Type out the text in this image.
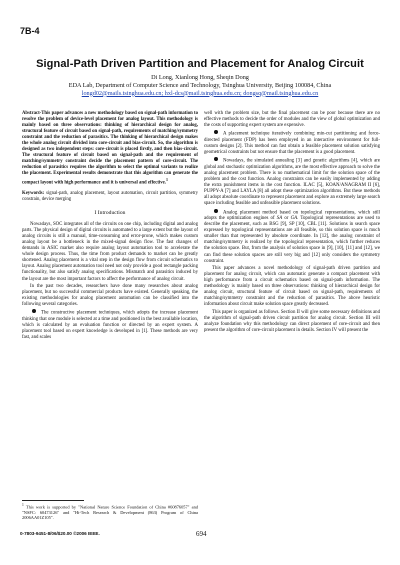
7B-4
Signal-Path Driven Partition and Placement for Analog Circuit
Di Long, Xianlong Hong, Sheqin Dong
EDA Lab, Department of Computer Science and Technology, Tsinghua University, Beijing 100084, China
longd02@mails.tsinghua.edu.cn; hxl-dcs@mail.tsinghua.edu.cn; dongsq@mail.tsinghua.edu.cn

Abstract-This paper advances a new methodology based on signal-path information to resolve the problem of device-level placement for analog layout. This methodology is mainly based on three observations: thinking of hierarchical design for analog, structural feature of circuit based on signal-path, requirements of matching/symmetry constraint and the reduction of parasitics. The thinking of hierarchical design makes the whole analog circuit divided into core-circuit and bias-circuit. So, the algorithm is designed as two independent steps: core-circuit is placed firstly, and then bias-circuit. The structural feature of circuit based on signal-path and the requirement of matching/symmetry constraint decide the placement pattern of core-circuit. The reduction of parasitics requires the algorithm to select the optimal variants to realize the placement. Experimental results demonstrate that this algorithm can generate the compact layout with high performance and it is universal and effective.$^1$

Keywords: signal-path, analog placement, layout automation, circuit partition, symmetry constrain, device merging

I Introduction

Nowadays, SOC integrates all of the circuits on one chip, including digital and analog parts. The physical design of digital circuits is automated to a large extent but the layout of analog circuits is still a manual, time-consuming and error-prone, which makes custom analog layout be a bottleneck in the mixed-signal design flow. The fast changes of demands in ASIC market also require analog layout automation tool to accelerate the whole design process. Thus, the time from product demands to market can be greatly shortened. Analog placement is a vital step in the design flow from circuit schematics to layout. Analog placement automation tool need not only provide a good rectangle packing functionality, but also satisfy analog specifications. Mismatch and parasitics induced by the layout are the most important factors to affect the performance of analog circuit.

In the past two decades, researchers have done many researches about analog placement, but no successful commercial products have existed. Generally speaking, the existing methodologies for analog placement automation can be classified into the following several categories.

The constructive placement techniques, which adopts the increase placement thinking that one module is selected at a time and positioned in the best available location, which is calculated by an evaluation function or directed by an expert system. A placement tool based on expert knowledge is developed in [1]. These methods are very fast, and scales

$^1$ This work is supported by "National Nature Science Foundation of China #60876057" and "NSFC: 60473126" and "Hi-Tech Research & Development (863) Program of China 2006AA01Z105".

well with the problem size, but the final placement can be poor because there are no effective methods to decide the order of modules and the view of global optimization and the costs of supporting expert system are expensive.

A placement technique iteratively combining min-cut partitioning and force-directed placement (FDP) has been employed in an interactive environment for full-custom designs [2]. This method can fast obtain a feasible placement solution satisfying geometrical constraints but not ensure that the placement is a good placement.

Nowadays, the simulated annealing [3] and genetic algorithms [4], which are global and stochastic optimization algorithms, are the most effective approach to solve the analog placement problem. There is no mathematical limit for the solution space of the problem and the cost function. Analog constraints can be easily implemented by adding the extra punishment items in the cost function. ILAC [5], KOAN/ANAGRAM II [6], PUPPY-A [7] and LAYLA [8] all adopt these optimization algorithms. But these methods all adopt absolute coordinate to represent placement and explore an extremely large search space including feasible and unfeasible placement solutions.

Analog placement method based on topological representations, which still adopts the optimization engines of SA or GA. Topological representations are used to describe the placement, such as BSG [9], SP [10], CBL [11]. Solutions in search space expressed by topological representations are all feasible, so this solution space is much smaller than that represented by absolute coordinate. In [12], the analog constraint of matching/symmetry is realized by the topological representation, which further reduces the solution space. But, from the analysis of solution space in [9], [10], [11] and [12], we can find these solution spaces are still very big and [12] only considers the symmetry constraint.

This paper advances a novel methodology of signal-path driven partition and placement for analog circuit, which can automatic generate a compact placement with high performance from a circuit schematics based on signal-path information. The methodology is mainly based on three observations: thinking of hierarchical design for analog circuit, structural feature of circuit based on signal-path, requirements of matching/symmetry constraint and the reduction of parasitics. The above heuristic information about circuit make solution space greatly decreased.

This paper is organized as follows. Section II will give some necessary definitions and the algorithm of signal-path driven circuit partition for analog circuit. Section III will analyze foundation why this methodology can direct placement of core-circuit and then present the algorithm of core-circuit placement in details. Section IV will present the

0-7803-9451-8/06/$20.00 ©2006 IEEE.	694
